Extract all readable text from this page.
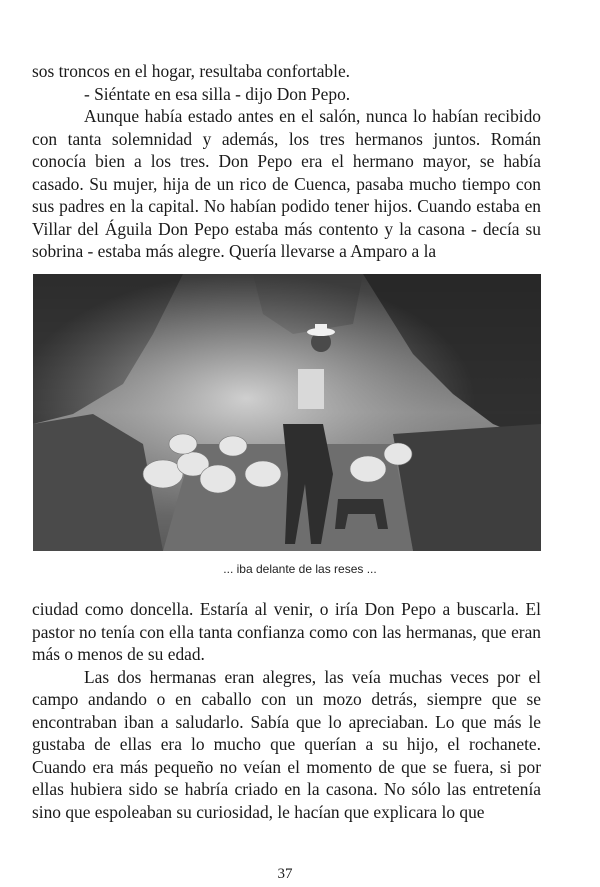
sos troncos en el hogar, resultaba confortable.

- Siéntate en esa silla - dijo Don Pepo.

Aunque había estado antes en el salón, nunca lo habían recibido con tanta solemnidad y además, los tres hermanos juntos. Román conocía bien a los tres. Don Pepo era el hermano mayor, se había casado. Su mujer, hija de un rico de Cuenca, pasaba mucho tiempo con sus padres en la capital. No habían podido tener hijos. Cuando estaba en Villar del Águila Don Pepo estaba más contento y la casona - decía su sobrina - estaba más alegre. Quería llevarse a Amparo a la

... iba delante de las reses ...

ciudad como doncella. Estaría al venir, o iría Don Pepo a buscarla. El pastor no tenía con ella tanta confianza como con las hermanas, que eran más o menos de su edad.

Las dos hermanas eran alegres, las veía muchas veces por el campo andando o en caballo con un mozo detrás, siempre que se encontraban iban a saludarlo. Sabía que lo apreciaban. Lo que más le gustaba de ellas era lo mucho que querían a su hijo, el rochanete. Cuando era más pequeño no veían el momento de que se fuera, si por ellas hubiera sido se habría criado en la casona. No sólo las entretenía sino que espoleaban su curiosidad, le hacían que explicara lo que

37
